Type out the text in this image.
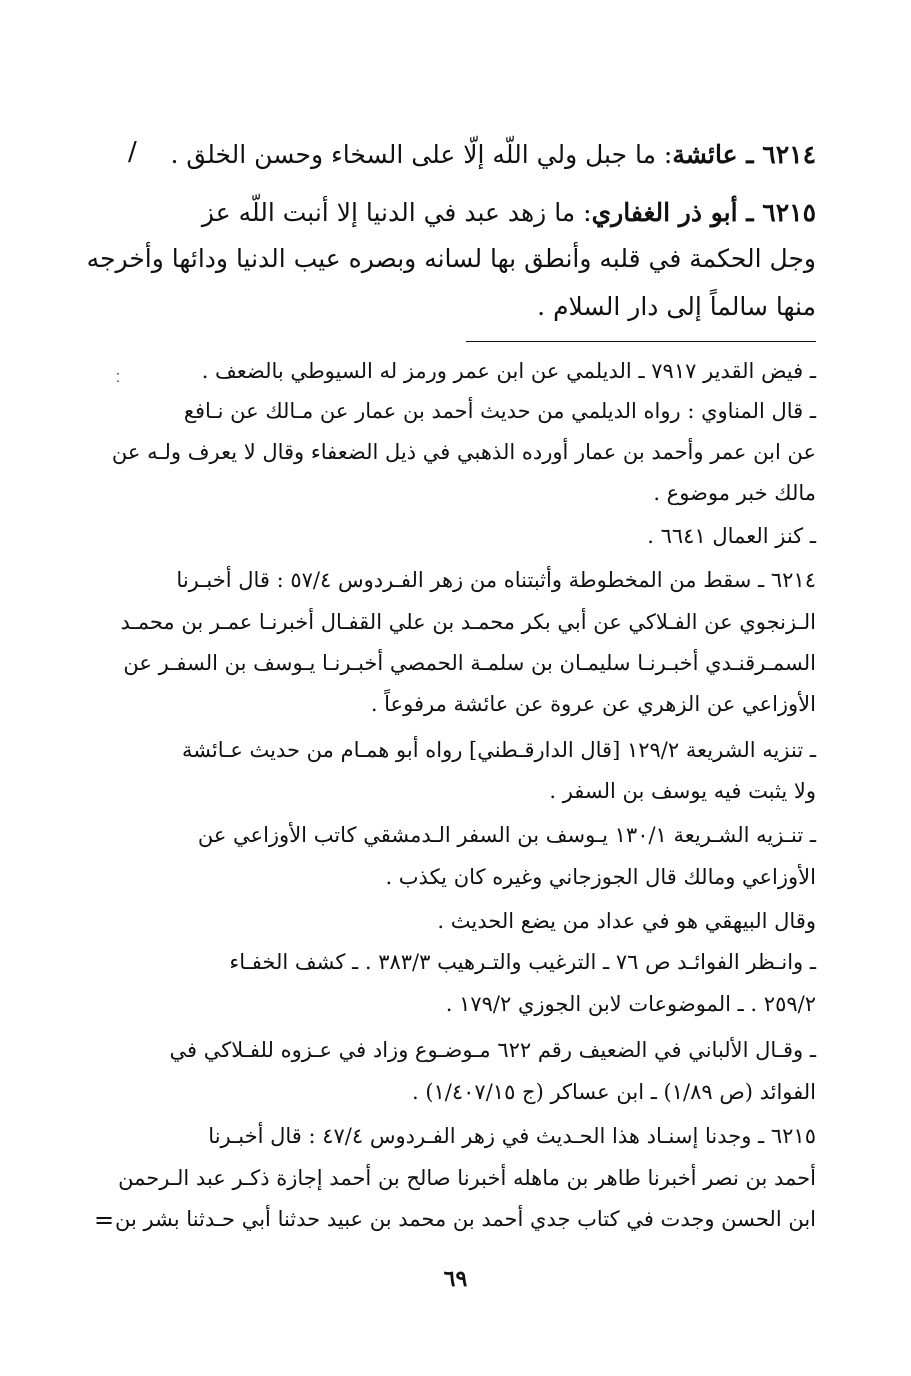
٦٢١٤ ـ عائشة: ما جبل ولي اللّه إلّا على السخاء وحسن الخلق .
٦٢١٥ ـ أبو ذر الغفاري: ما زهد عبد في الدنيا إلا أنبت اللّه عز
وجل الحكمة في قلبه وأنطق بها لسانه وبصره عيب الدنيا ودائها وأخرجه
منها سالماً إلى دار السلام .
/
⁚	ـ فيض القدير ٧٩١٧ ـ الديلمي عن ابن عمر ورمز له السيوطي بالضعف .
ـ قال المناوي : رواه الديلمي من حديث أحمد بن عمار عن مـالك عن نـافع
عن ابن عمر وأحمد بن عمار أورده الذهبي في ذيل الضعفاء وقال لا يعرف ولـه عن
مالك خبر موضوع .
ـ كنز العمال ٦٦٤١ .
٦٢١٤ ـ سقط من المخطوطة وأثبتناه من زهر الفـردوس ٥٧/٤ : قال أخبـرنا
الـزنجوي عن الفـلاكي عن أبي بكر محمـد بن علي القفـال أخبرنـا عمـر بن محمـد
السمـرقنـدي أخبـرنـا سليمـان بن سلمـة الحمصي أخبـرنـا يـوسف بن السفـر عن
الأوزاعي عن الزهري عن عروة عن عائشة مرفوعاً .
ـ تنزيه الشريعة ١٢٩/٢ [قال الدارقـطني] رواه أبو همـام من حديث عـائشة
ولا يثبت فيه يوسف بن السفر .
ـ تنـزيه الشـريعة ١٣٠/١ يـوسف بن السفر الـدمشقي كاتب الأوزاعي عن
الأوزاعي ومالك قال الجوزجاني وغيره كان يكذب .
وقال البيهقي هو في عداد من يضع الحديث .
ـ وانـظر الفوائـد ص ٧٦ ـ الترغيب والتـرهيب ٣٨٣/٣ . ـ كشف الخفـاء
٢٥٩/٢ . ـ الموضوعات لابن الجوزي ١٧٩/٢ .
ـ وقـال الألباني في الضعيف رقم ٦٢٢ مـوضـوع وزاد في عـزوه للفـلاكي في
الفوائد (ص ١/٨٩) ـ ابن عساكر (ج ١/٤٠٧/١٥) .
٦٢١٥ ـ وجدنا إسنـاد هذا الحـديث في زهر الفـردوس ٤٧/٤ : قال أخبـرنا
أحمد بن نصر أخبرنا طاهر بن ماهله أخبرنا صالح بن أحمد إجازة ذكـر عبد الـرحمن
ابن الحسن وجدت في كتاب جدي أحمد بن محمد بن عبيد حدثنا أبي حـدثنا بشر بن
=
٦٩
